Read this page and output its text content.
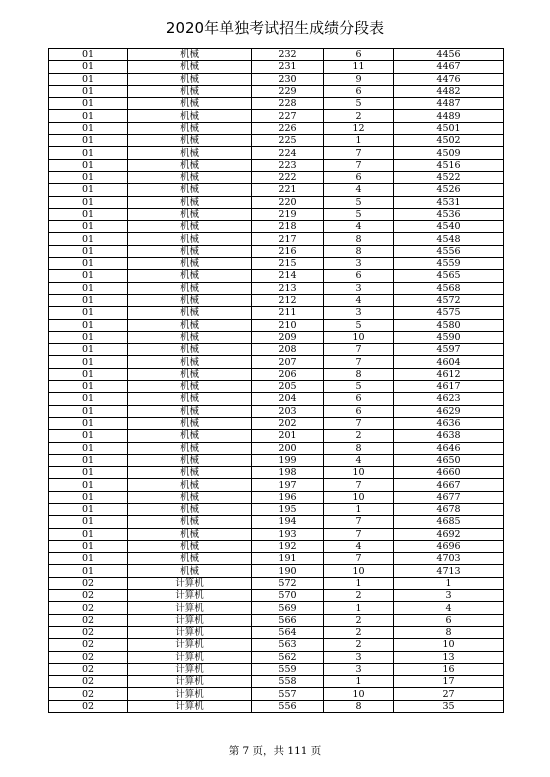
2020年单独考试招生成绩分段表
01	机械	232	6	4456
01	机械	231	11	4467
01	机械	230	9	4476
01	机械	229	6	4482
01	机械	228	5	4487
01	机械	227	2	4489
01	机械	226	12	4501
01	机械	225	1	4502
01	机械	224	7	4509
01	机械	223	7	4516
01	机械	222	6	4522
01	机械	221	4	4526
01	机械	220	5	4531
01	机械	219	5	4536
01	机械	218	4	4540
01	机械	217	8	4548
01	机械	216	8	4556
01	机械	215	3	4559
01	机械	214	6	4565
01	机械	213	3	4568
01	机械	212	4	4572
01	机械	211	3	4575
01	机械	210	5	4580
01	机械	209	10	4590
01	机械	208	7	4597
01	机械	207	7	4604
01	机械	206	8	4612
01	机械	205	5	4617
01	机械	204	6	4623
01	机械	203	6	4629
01	机械	202	7	4636
01	机械	201	2	4638
01	机械	200	8	4646
01	机械	199	4	4650
01	机械	198	10	4660
01	机械	197	7	4667
01	机械	196	10	4677
01	机械	195	1	4678
01	机械	194	7	4685
01	机械	193	7	4692
01	机械	192	4	4696
01	机械	191	7	4703
01	机械	190	10	4713
02	计算机	572	1	1
02	计算机	570	2	3
02	计算机	569	1	4
02	计算机	566	2	6
02	计算机	564	2	8
02	计算机	563	2	10
02	计算机	562	3	13
02	计算机	559	3	16
02	计算机	558	1	17
02	计算机	557	10	27
02	计算机	556	8	35
第 7 页，共 111 页
